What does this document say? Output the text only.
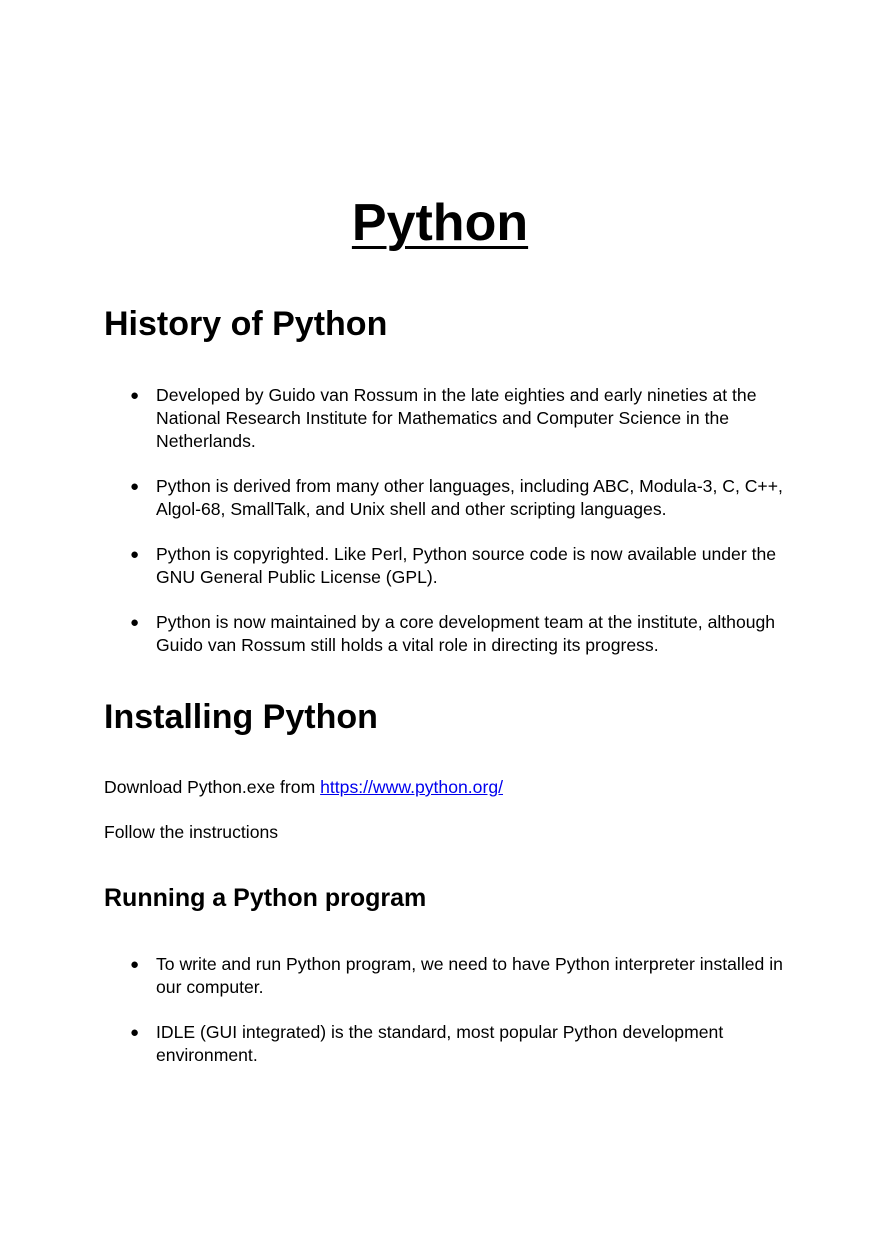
Python
History of Python
● Developed by Guido van Rossum in the late eighties and early nineties at the National Research Institute for Mathematics and Computer Science in the Netherlands.
● Python is derived from many other languages, including ABC, Modula-3, C, C++, Algol-68, SmallTalk, and Unix shell and other scripting languages.
● Python is copyrighted. Like Perl, Python source code is now available under the GNU General Public License (GPL).
● Python is now maintained by a core development team at the institute, although Guido van Rossum still holds a vital role in directing its progress.
Installing Python

Download Python.exe from https://www.python.org/

Follow the instructions

Running a Python program
● To write and run Python program, we need to have Python interpreter installed in our computer.
● IDLE (GUI integrated) is the standard, most popular Python development environment.
